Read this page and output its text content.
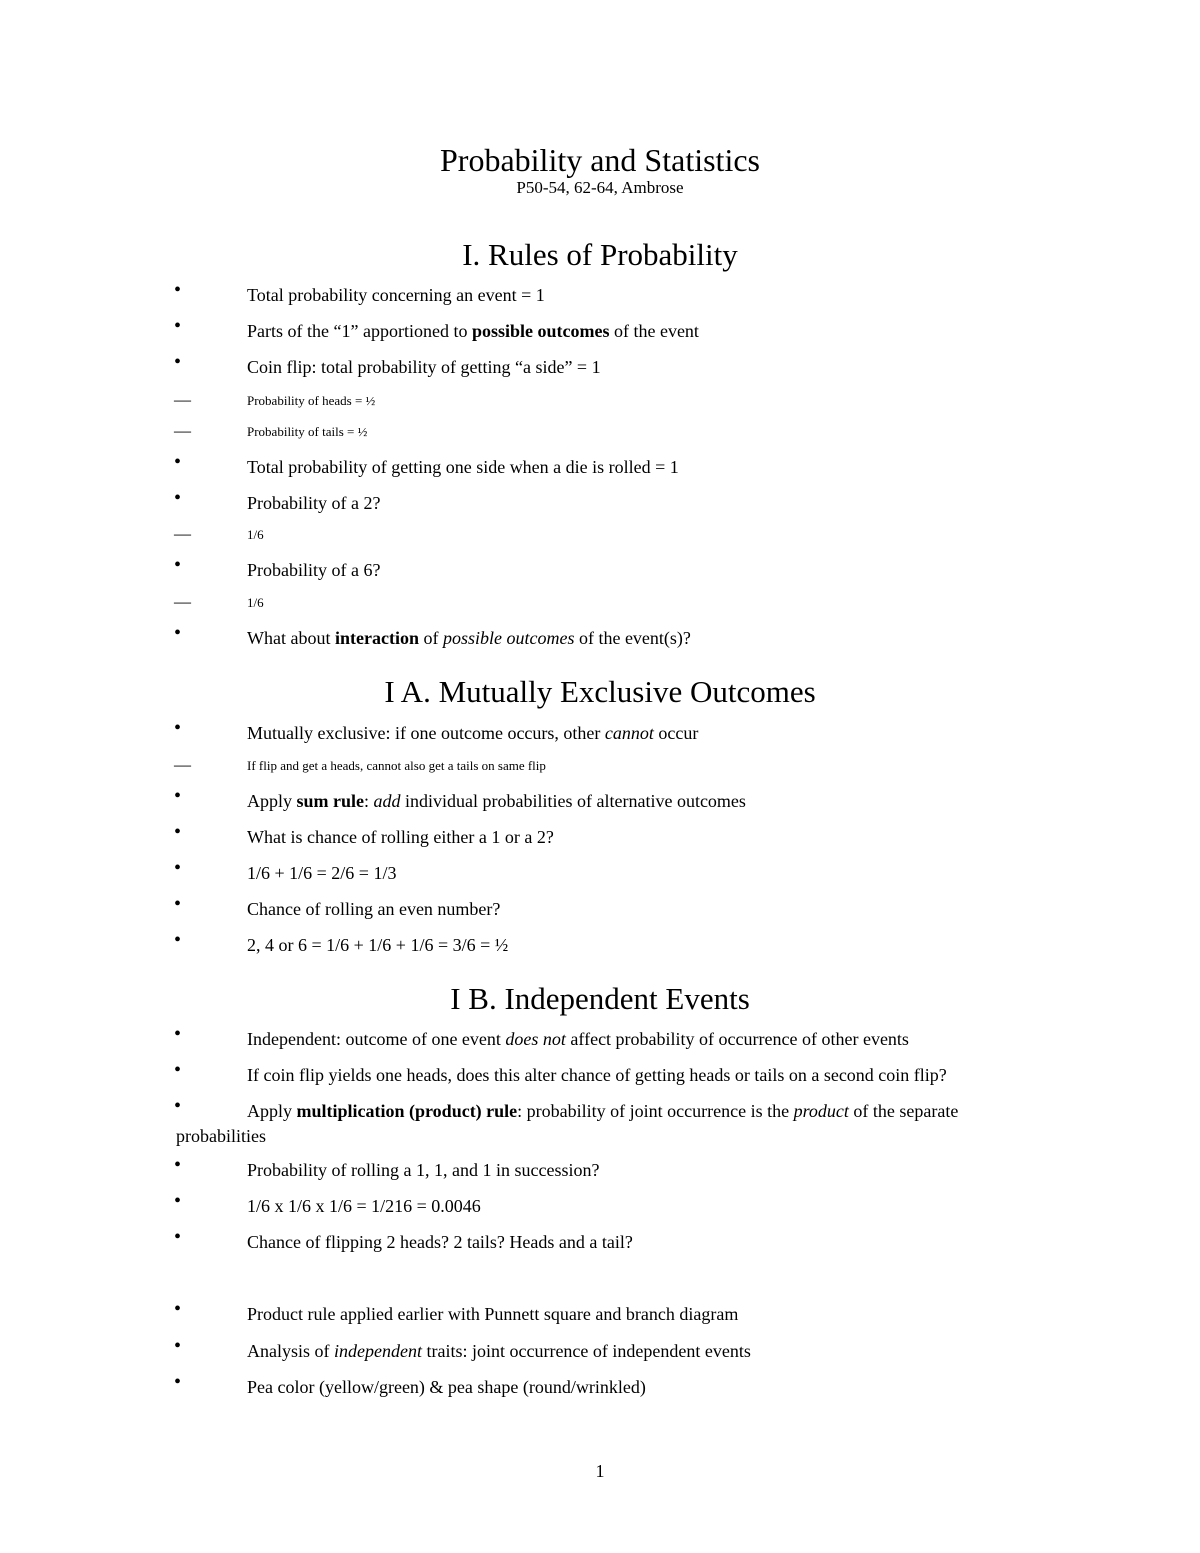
Probability and Statistics
P50-54, 62-64, Ambrose
I. Rules of Probability
•	Total probability concerning an event = 1
•	Parts of the “1” apportioned to possible outcomes of the event
•	Coin flip: total probability of getting “a side” = 1
—	Probability of heads = ½
—	Probability of tails = ½
•	Total probability of getting one side when a die is rolled = 1
•	Probability of a 2?
—	1/6
•	Probability of a 6?
—	1/6
•	What about interaction of possible outcomes of the event(s)?
I A. Mutually Exclusive Outcomes
•	Mutually exclusive: if one outcome occurs, other cannot occur
—	If flip and get a heads, cannot also get a tails on same flip
•	Apply sum rule: add individual probabilities of alternative outcomes
•	What is chance of rolling either a 1 or a 2?
•	1/6 + 1/6 = 2/6 = 1/3
•	Chance of rolling an even number?
•	2, 4 or 6 = 1/6 + 1/6 + 1/6 = 3/6 = ½
I B. Independent Events
•	Independent: outcome of one event does not affect probability of occurrence of other events
•	If coin flip yields one heads, does this alter chance of getting heads or tails on a second coin flip?
•	Apply multiplication (product) rule: probability of joint occurrence is the product of the separate
probabilities
•	Probability of rolling a 1, 1, and 1 in succession?
•	1/6 x 1/6 x 1/6 = 1/216 = 0.0046
•	Chance of flipping 2 heads? 2 tails? Heads and a tail?
•	Product rule applied earlier with Punnett square and branch diagram
•	Analysis of independent traits: joint occurrence of independent events
•	Pea color (yellow/green) & pea shape (round/wrinkled)
1
